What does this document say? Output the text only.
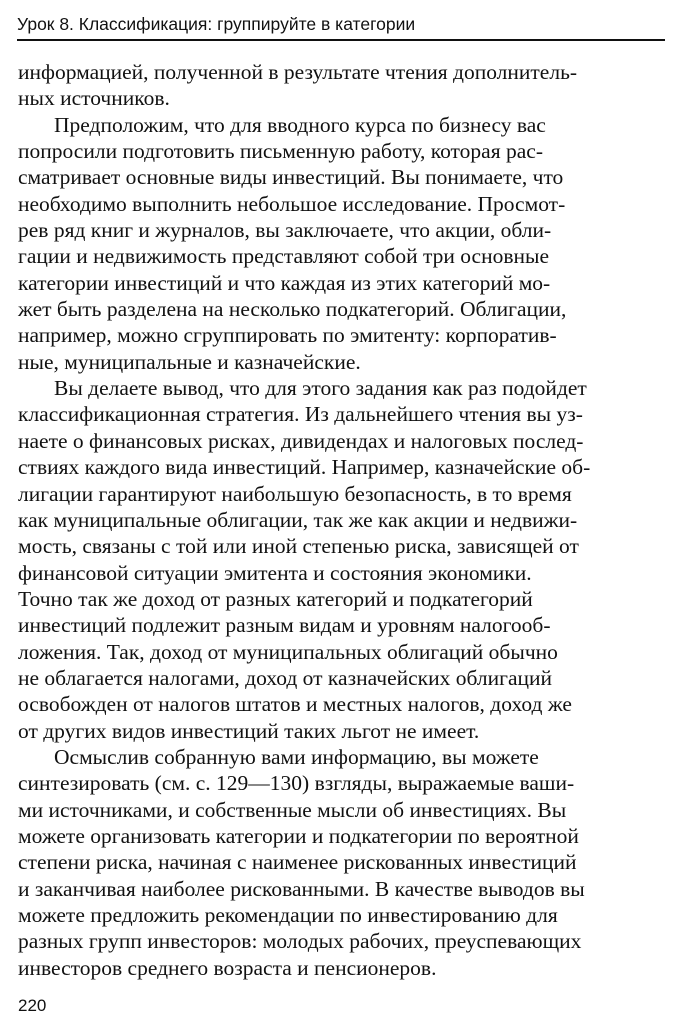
Урок 8. Классификация: группируйте в категории
информацией, полученной в результате чтения дополнитель-
ных источников.
Предположим, что для вводного курса по бизнесу вас
попросили подготовить письменную работу, которая рас-
сматривает основные виды инвестиций. Вы понимаете, что
необходимо выполнить небольшое исследование. Просмот-
рев ряд книг и журналов, вы заключаете, что акции, обли-
гации и недвижимость представляют собой три основные
категории инвестиций и что каждая из этих категорий мо-
жет быть разделена на несколько подкатегорий. Облигации,
например, можно сгруппировать по эмитенту: корпоратив-
ные, муниципальные и казначейские.
Вы делаете вывод, что для этого задания как раз подойдет
классификационная стратегия. Из дальнейшего чтения вы уз-
наете о финансовых рисках, дивидендах и налоговых послед-
ствиях каждого вида инвестиций. Например, казначейские об-
лигации гарантируют наибольшую безопасность, в то время
как муниципальные облигации, так же как акции и недвижи-
мость, связаны с той или иной степенью риска, зависящей от
финансовой ситуации эмитента и состояния экономики.
Точно так же доход от разных категорий и подкатегорий
инвестиций подлежит разным видам и уровням налогооб-
ложения. Так, доход от муниципальных облигаций обычно
не облагается налогами, доход от казначейских облигаций
освобожден от налогов штатов и местных налогов, доход же
от других видов инвестиций таких льгот не имеет.
Осмыслив собранную вами информацию, вы можете
синтезировать (см. с. 129—130) взгляды, выражаемые ваши-
ми источниками, и собственные мысли об инвестициях. Вы
можете организовать категории и подкатегории по вероятной
степени риска, начиная с наименее рискованных инвестиций
и заканчивая наиболее рискованными. В качестве выводов вы
можете предложить рекомендации по инвестированию для
разных групп инвесторов: молодых рабочих, преуспевающих
инвесторов среднего возраста и пенсионеров.
220
